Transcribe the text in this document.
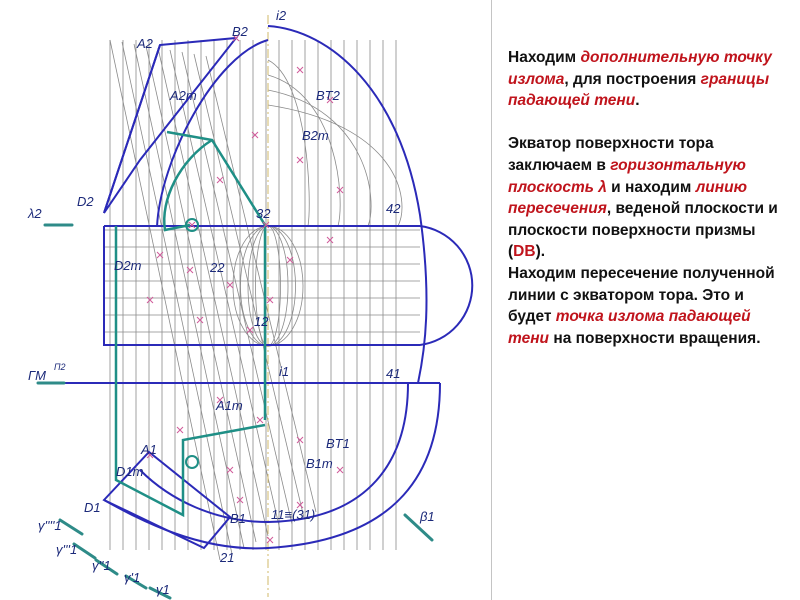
A2
B2
i2
A2m	BT2
B2m
D2
λ2	32	42
D2m	22
12
ГМ
П2	i1	41
A1m
BT1
A1
D1m
B1m
D1
B1 11≡(31)
21
β1
γ''''1
γ'''1
γ''1
γ'1
γ1

Находим дополнительную точку излома, для построения границы падающей тени.

Экватор поверхности тора заключаем в горизонтальную плоскость λ и находим линию пересечения, веденой плоскости и плоскости поверхности призмы (DB).

Находим пересечение полученной линии с экватором тора. Это и будет точка излома падающей тени на поверхности вращения.
